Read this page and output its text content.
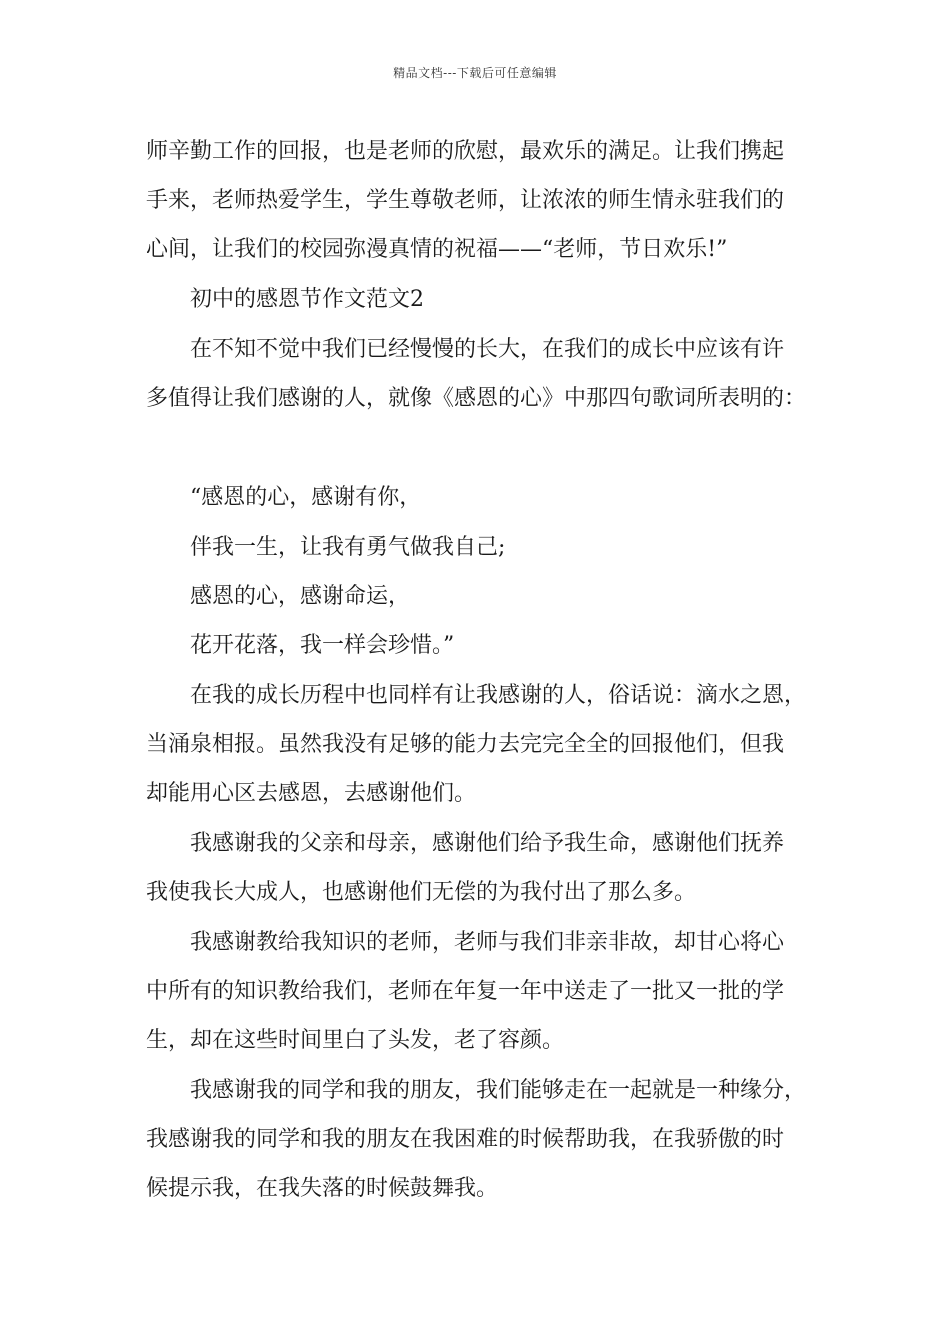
精品文档---下载后可任意编辑
师辛勤工作的回报，也是老师的欣慰，最欢乐的满足。让我们携起
手来，老师热爱学生，学生尊敬老师，让浓浓的师生情永驻我们的
心间，让我们的校园弥漫真情的祝福——“老师，节日欢乐!”
初中的感恩节作文范文2
在不知不觉中我们已经慢慢的长大，在我们的成长中应该有许
多值得让我们感谢的人，就像《感恩的心》中那四句歌词所表明的：
“感恩的心，感谢有你，
伴我一生，让我有勇气做我自己;
感恩的心，感谢命运，
花开花落，我一样会珍惜。”
在我的成长历程中也同样有让我感谢的人，俗话说：滴水之恩，
当涌泉相报。虽然我没有足够的能力去完完全全的回报他们，但我
却能用心区去感恩，去感谢他们。
我感谢我的父亲和母亲，感谢他们给予我生命，感谢他们抚养
我使我长大成人，也感谢他们无偿的为我付出了那么多。
我感谢教给我知识的老师，老师与我们非亲非故，却甘心将心
中所有的知识教给我们，老师在年复一年中送走了一批又一批的学
生，却在这些时间里白了头发，老了容颜。
我感谢我的同学和我的朋友，我们能够走在一起就是一种缘分，
我感谢我的同学和我的朋友在我困难的时候帮助我，在我骄傲的时
候提示我，在我失落的时候鼓舞我。
